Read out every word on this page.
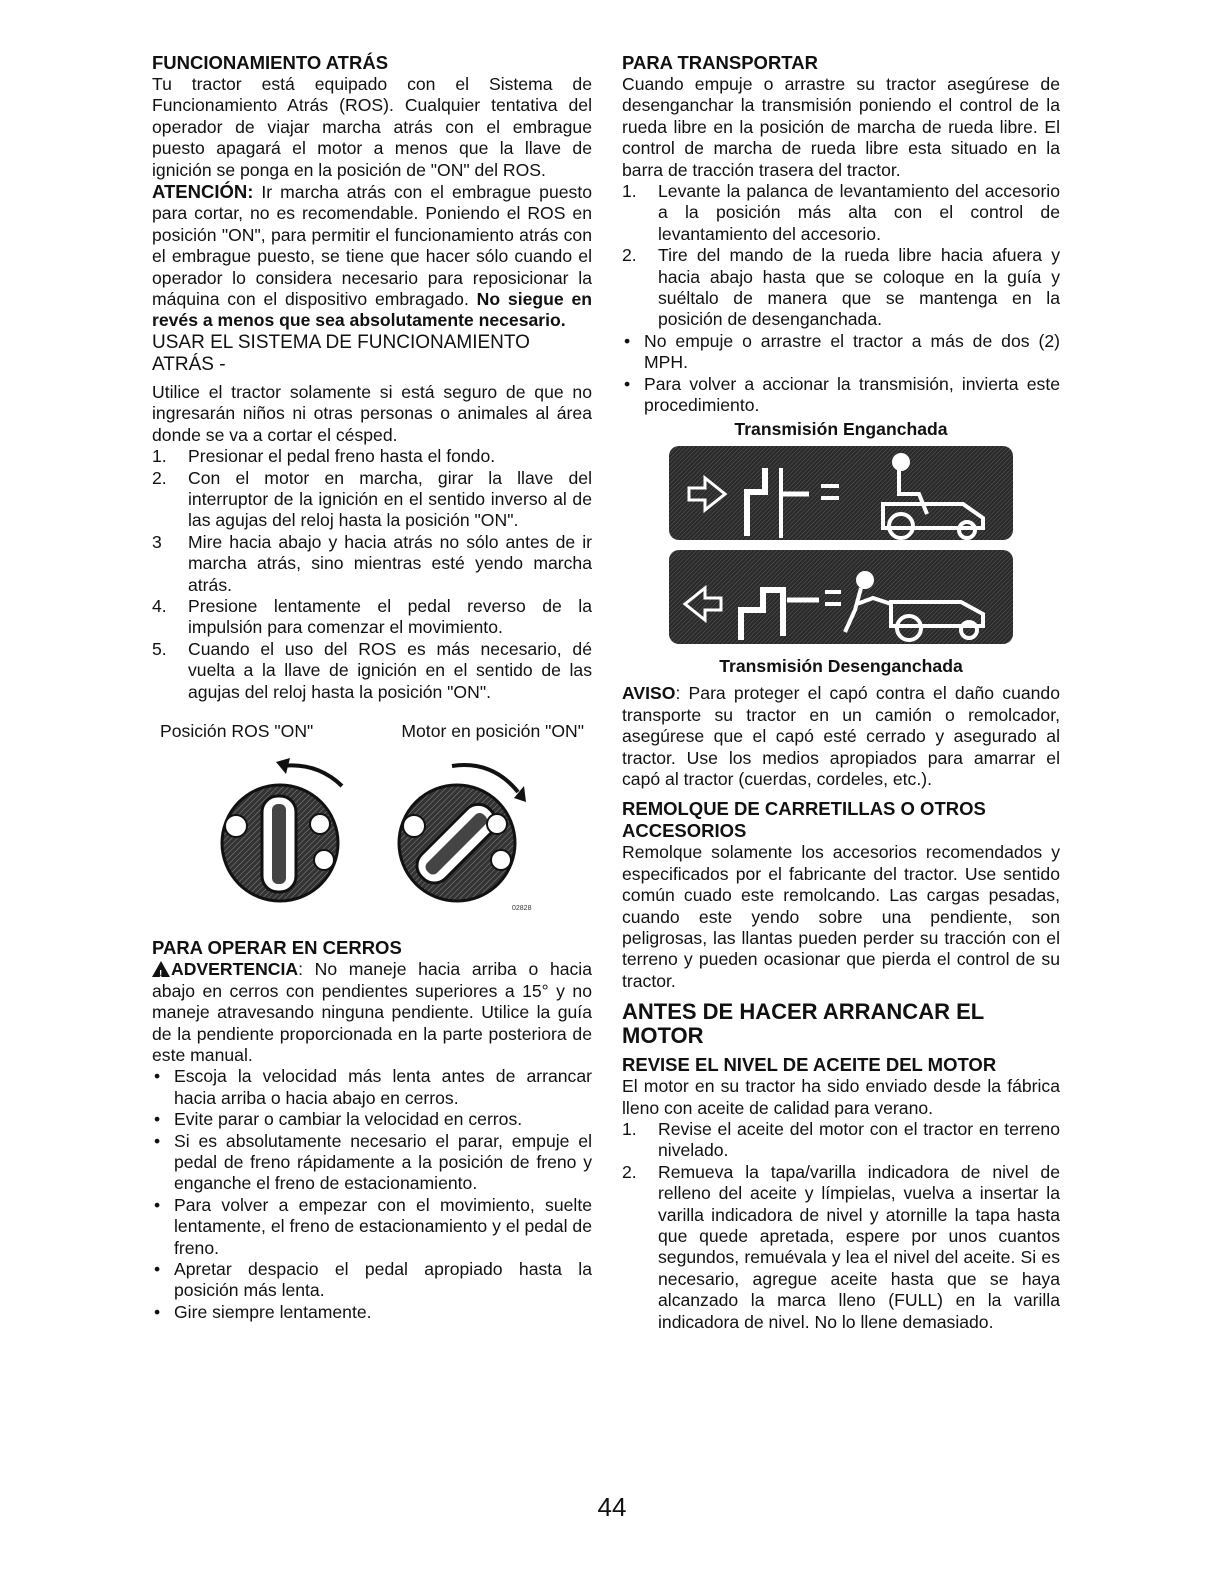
FUNCIONAMIENTO ATRÁS
Tu tractor está equipado con el Sistema de Funcionamiento Atrás (ROS). Cualquier tentativa del operador de viajar marcha atrás con el embrague puesto apagará el motor a menos que la llave de ignición se ponga en la posición de "ON" del ROS.
ATENCIÓN: Ir marcha atrás con el embrague puesto para cortar, no es recomendable. Poniendo el ROS en posición "ON", para permitir el funcionamiento atrás con el embrague puesto, se tiene que hacer sólo cuando el operador lo considera necesario para reposicionar la máquina con el dispositivo embragado. No siegue en revés a menos que sea absolutamente necesario.
USAR EL SISTEMA DE FUNCIONAMIENTO ATRÁS -
Utilice el tractor solamente si está seguro de que no ingresarán niños ni otras personas o animales al área donde se va a cortar el césped.
1. Presionar el pedal freno hasta el fondo.
2. Con el motor en marcha, girar la llave del interruptor de la ignición en el sentido inverso al de las agujas del reloj hasta la posición "ON".
3 Mire hacia abajo y hacia atrás no sólo antes de ir marcha atrás, sino mientras esté yendo marcha atrás.
4. Presione lentamente el pedal reverso de la impulsión para comenzar el movimiento.
5. Cuando el uso del ROS es más necesario, dé vuelta a la llave de ignición en el sentido de las agujas del reloj hasta la posición "ON".
Posición ROS "ON"	Motor en posición "ON"
02828
PARA OPERAR EN CERROS
! ADVERTENCIA: No maneje hacia arriba o hacia abajo en cerros con pendientes superiores a 15° y no maneje atravesando ninguna pendiente. Utilice la guía de la pendiente proporcionada en la parte posteriora de este manual.
• Escoja la velocidad más lenta antes de arrancar hacia arriba o hacia abajo en cerros.
• Evite parar o cambiar la velocidad en cerros.
• Si es absolutamente necesario el parar, empuje el pedal de freno rápidamente a la posición de freno y enganche el freno de estacionamiento.
• Para volver a empezar con el movimiento, suelte lentamente, el freno de estacionamiento y el pedal de freno.
• Apretar despacio el pedal apropiado hasta la posición más lenta.
• Gire siempre lentamente.
PARA TRANSPORTAR
Cuando empuje o arrastre su tractor asegúrese de desenganchar la transmisión poniendo el control de la rueda libre en la posición de marcha de rueda libre. El control de marcha de rueda libre esta situado en la barra de tracción trasera del tractor.
1. Levante la palanca de levantamiento del accesorio a la posición más alta con el control de levantamiento del accesorio.
2. Tire del mando de la rueda libre hacia afuera y hacia abajo hasta que se coloque en la guía y suéltalo de manera que se mantenga en la posición de desenganchada.
• No empuje o arrastre el tractor a más de dos (2) MPH.
• Para volver a accionar la transmisión, invierta este procedimiento.
Transmisión Enganchada
Transmisión Desenganchada
AVISO: Para proteger el capó contra el daño cuando transporte su tractor en un camión o remolcador, asegúrese que el capó esté cerrado y asegurado al tractor. Use los medios apropiados para amarrar el capó al tractor (cuerdas, cordeles, etc.).
REMOLQUE DE CARRETILLAS O OTROS ACCESORIOS
Remolque solamente los accesorios recomendados y especificados por el fabricante del tractor. Use sentido común cuado este remolcando. Las cargas pesadas, cuando este yendo sobre una pendiente, son peligrosas, las llantas pueden perder su tracción con el terreno y pueden ocasionar que pierda el control de su tractor.
ANTES DE HACER ARRANCAR EL MOTOR
REVISE EL NIVEL DE ACEITE DEL MOTOR
El motor en su tractor ha sido enviado desde la fábrica lleno con aceite de calidad para verano.
1. Revise el aceite del motor con el tractor en terreno nivelado.
2. Remueva la tapa/varilla indicadora de nivel de relleno del aceite y límpielas, vuelva a insertar la varilla indicadora de nivel y atornille la tapa hasta que quede apretada, espere por unos cuantos segundos, remuévala y lea el nivel del aceite. Si es necesario, agregue aceite hasta que se haya alcanzado la marca lleno (FULL) en la varilla indicadora de nivel. No lo llene demasiado.
44
